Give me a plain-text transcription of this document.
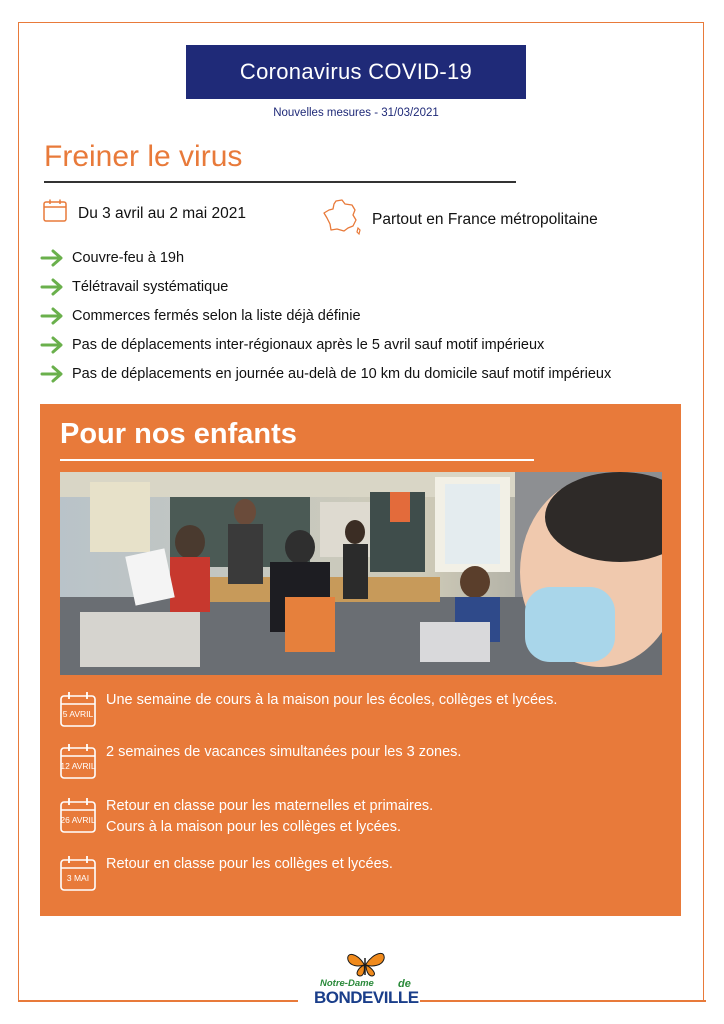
Coronavirus COVID-19
Nouvelles mesures - 31/03/2021
Freiner le virus
Du 3 avril au 2 mai 2021	Partout en France métropolitaine
Couvre-feu à 19h
Télétravail systématique
Commerces fermés selon la liste déjà définie
Pas de déplacements inter-régionaux après le 5 avril sauf motif impérieux
Pas de déplacements en journée au-delà de 10 km du domicile sauf motif impérieux
Pour nos enfants
5 AVRIL
Une semaine de cours à la maison pour les écoles, collèges et lycées.
12 AVRIL
2 semaines de vacances simultanées pour les 3 zones.
26 AVRIL
Retour en classe pour les maternelles et primaires.
Cours à la maison pour les collèges et lycées.
3 MAI
Retour en classe pour les collèges et lycées.
Notre-Dame de
BONDEVILLE
